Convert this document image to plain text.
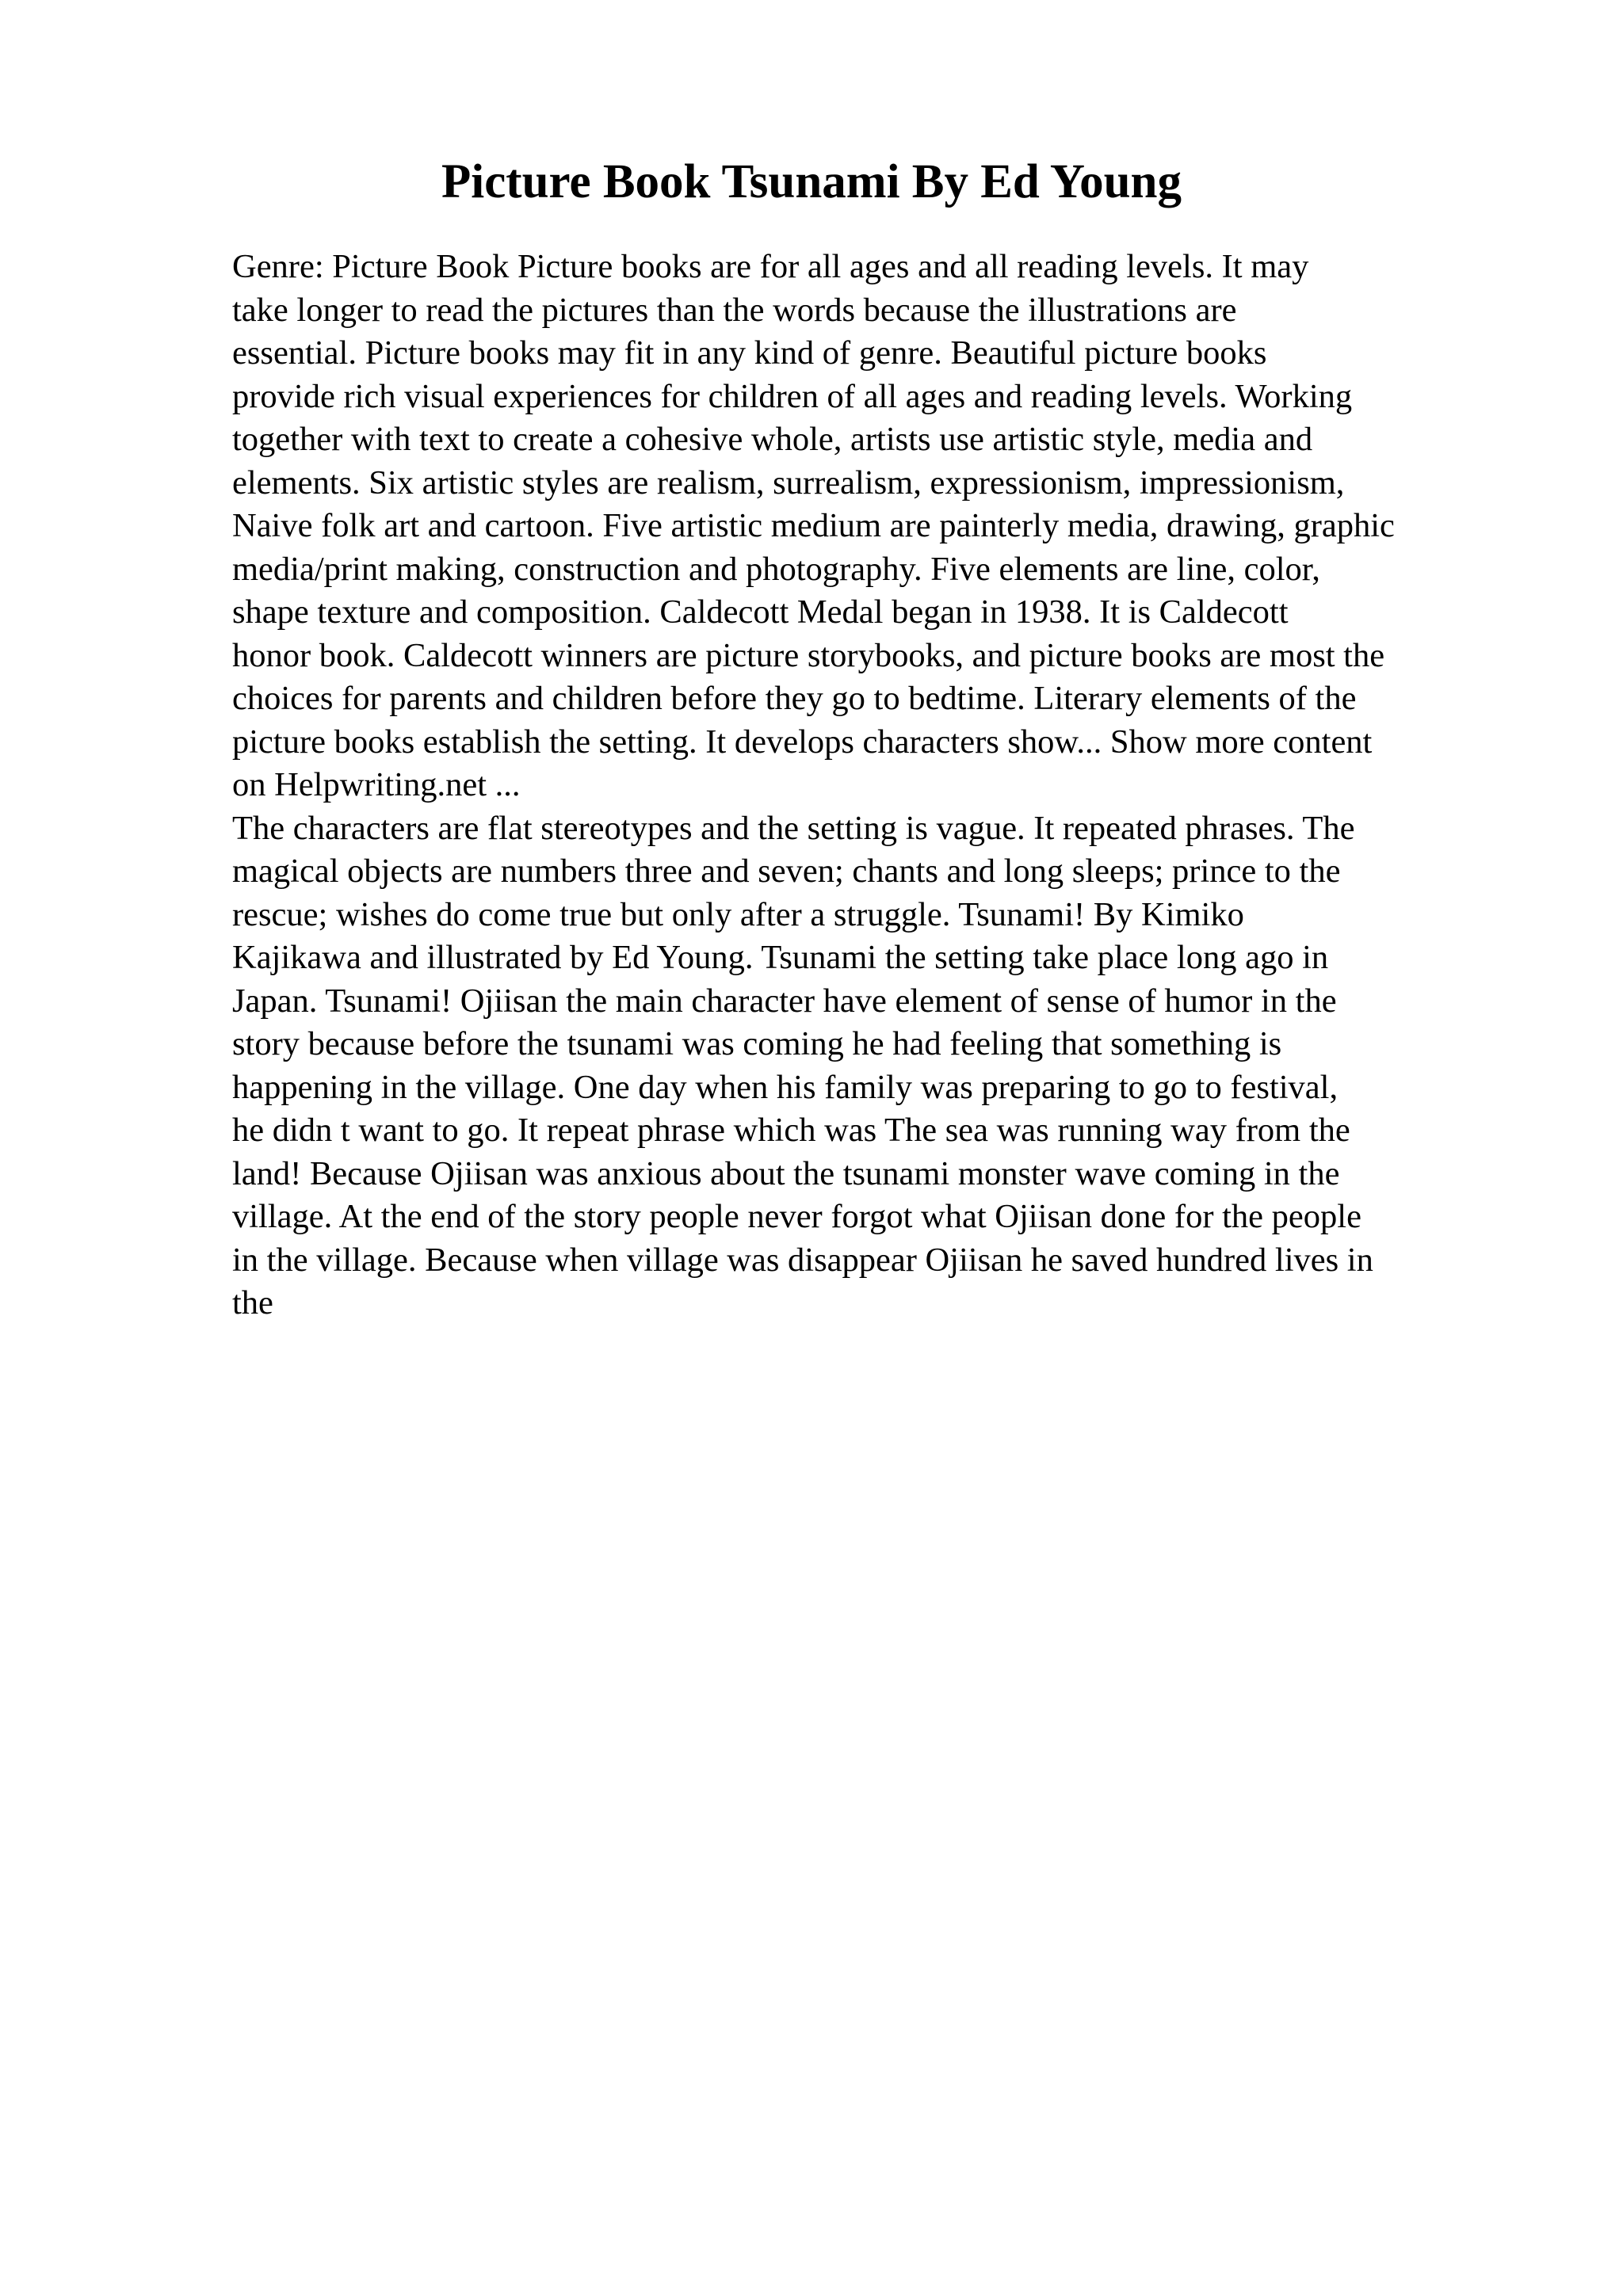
Picture Book Tsunami By Ed Young
Genre: Picture Book Picture books are for all ages and all reading levels. It may
take longer to read the pictures than the words because the illustrations are
essential. Picture books may fit in any kind of genre. Beautiful picture books
provide rich visual experiences for children of all ages and reading levels. Working
together with text to create a cohesive whole, artists use artistic style, media and
elements. Six artistic styles are realism, surrealism, expressionism, impressionism,
Naive folk art and cartoon. Five artistic medium are painterly media, drawing, graphic
media/print making, construction and photography. Five elements are line, color,
shape texture and composition. Caldecott Medal began in 1938. It is Caldecott
honor book. Caldecott winners are picture storybooks, and picture books are most the
choices for parents and children before they go to bedtime. Literary elements of the
picture books establish the setting. It develops characters show... Show more content
on Helpwriting.net ...
The characters are flat stereotypes and the setting is vague. It repeated phrases. The
magical objects are numbers three and seven; chants and long sleeps; prince to the
rescue; wishes do come true but only after a struggle. Tsunami! By Kimiko
Kajikawa and illustrated by Ed Young. Tsunami the setting take place long ago in
Japan. Tsunami! Ojiisan the main character have element of sense of humor in the
story because before the tsunami was coming he had feeling that something is
happening in the village. One day when his family was preparing to go to festival,
he didn t want to go. It repeat phrase which was The sea was running way from the
land! Because Ojiisan was anxious about the tsunami monster wave coming in the
village. At the end of the story people never forgot what Ojiisan done for the people
in the village. Because when village was disappear Ojiisan he saved hundred lives in
the
